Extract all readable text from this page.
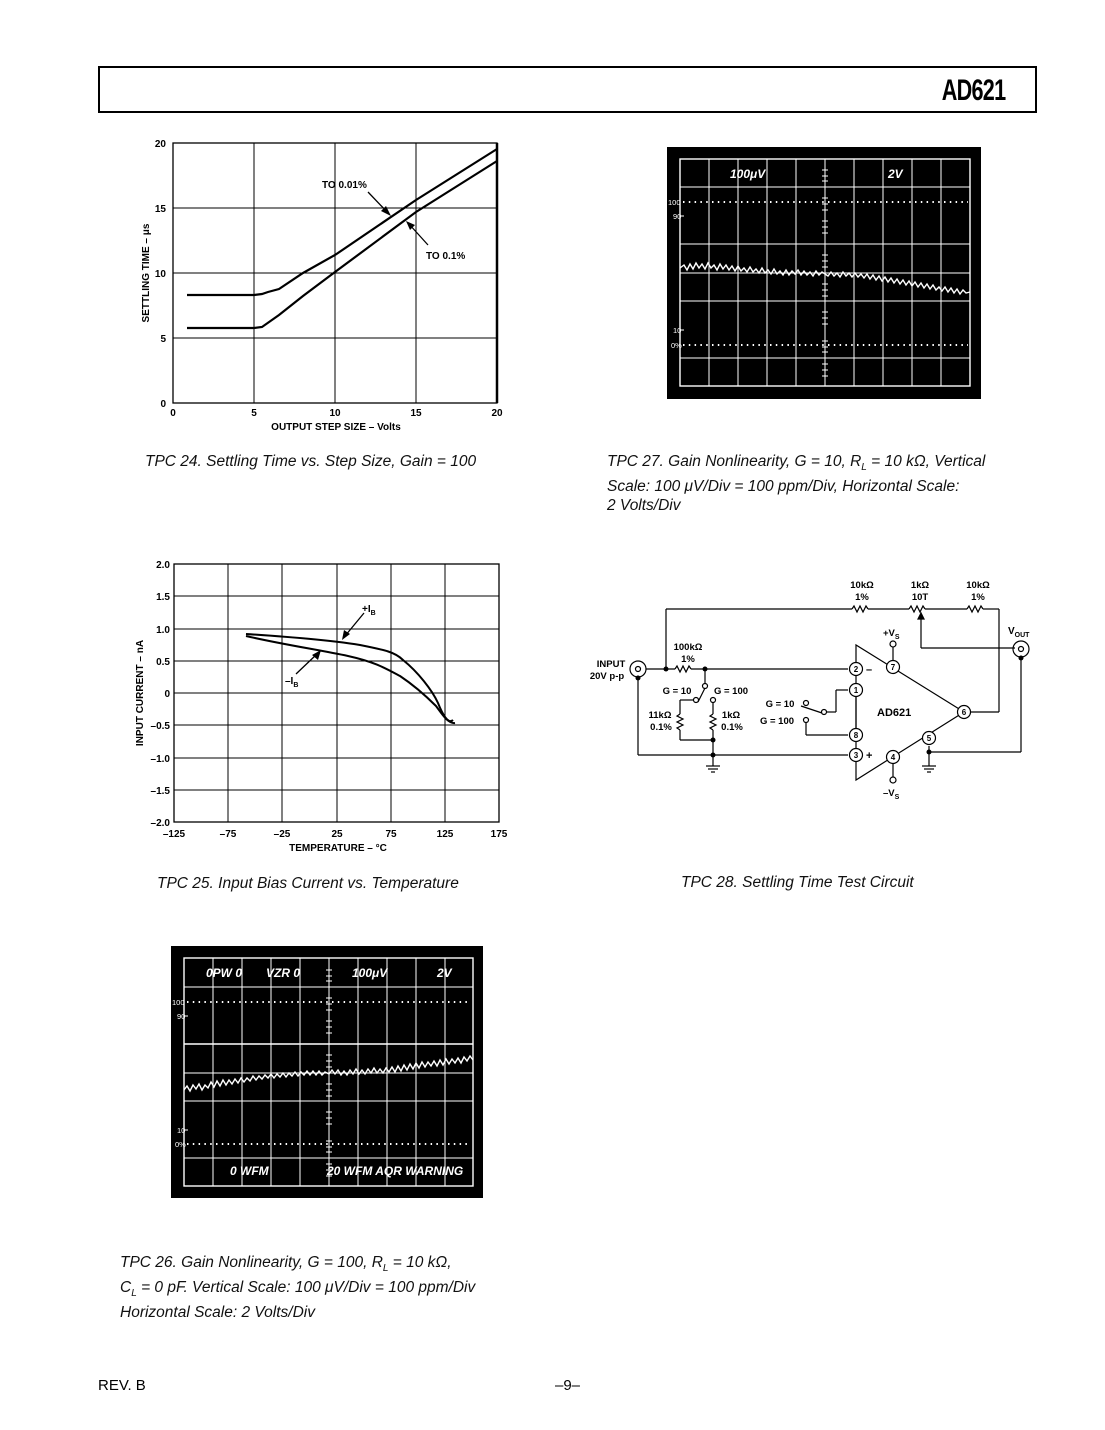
AD621
TO 0.01%
TO 0.1%
20
15
10
5
0
0	5	10	15	20
OUTPUT STEP SIZE – Volts
SETTLING TIME – μs
TPC 24. Settling Time vs. Step Size, Gain = 100
100μV	2V
100
90
10
0%
TPC 27. Gain Nonlinearity, G = 10, $R_L = 10$ kΩ, Vertical
Scale: 100 μV/Div = 100 ppm/Div, Horizontal Scale:
2 Volts/Div
$+I_B$
$-I_B$
2.0
1.5
1.0
0.5
0
–0.5
–1.0
–1.5
–2.0
–125	–75	–25	25	75	125	175
TEMPERATURE – °C
INPUT CURRENT – nA
TPC 25. Input Bias Current vs. Temperature
1
2
3	4
5
6
7
8
10kΩ
1%
1kΩ
10T
10kΩ
1%
100kΩ
1%
INPUT
20V p-p
G = 10 G = 100
11kΩ
0.1%
1kΩ
0.1%
G = 10
G = 100
AD621
–
+
$+V_S$
$-V_S$
$V_{OUT}$
TPC 28. Settling Time Test Circuit
0PW 0 VZR 0	100μV	2V
0 WFM	20 WFM AQR WARNING
100
90
10
0%
TPC 26. Gain Nonlinearity, G = 100, $R_L = 10$ kΩ,
$C_L = 0$ pF. Vertical Scale: 100 μV/Div = 100 ppm/Div
Horizontal Scale: 2 Volts/Div
REV. B	–9–
